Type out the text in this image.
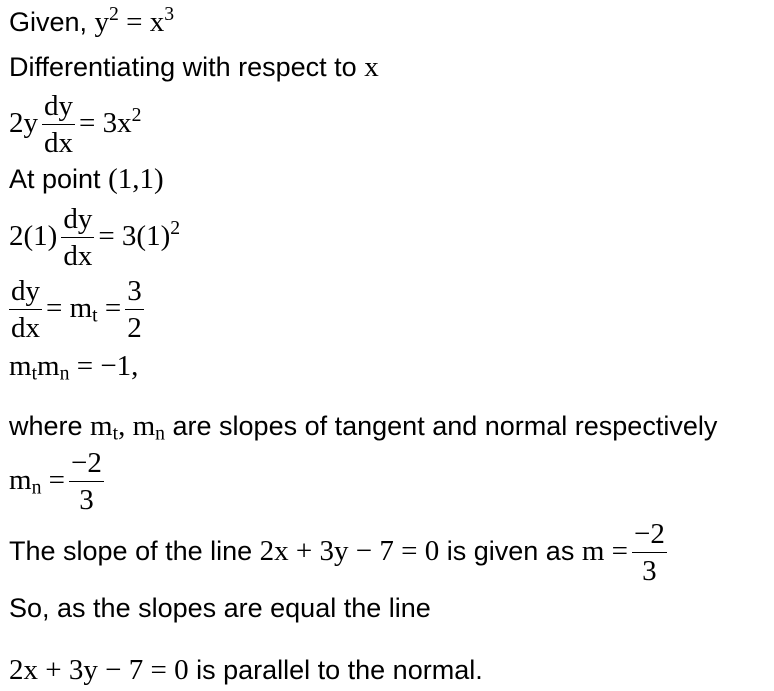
Given, $y^2 = x^3$
Differentiating with respect to x
$2y \frac{dy}{dx} = 3x^2$
At point (1,1)
$2(1) \frac{dy}{dx} = 3(1)^2$
$\frac{dy}{dx} = m_t = \frac{3}{2}$
$m_tm_n = -1$,
where $m_t$, $m_n$ are slopes of tangent and normal respectively
$m_n = \frac{-2}{3}$
The slope of the line 2x + 3y − 7 = 0 is given as $m = \frac{-2}{3}$
So, as the slopes are equal the line
2x + 3y − 7 = 0 is parallel to the normal.
